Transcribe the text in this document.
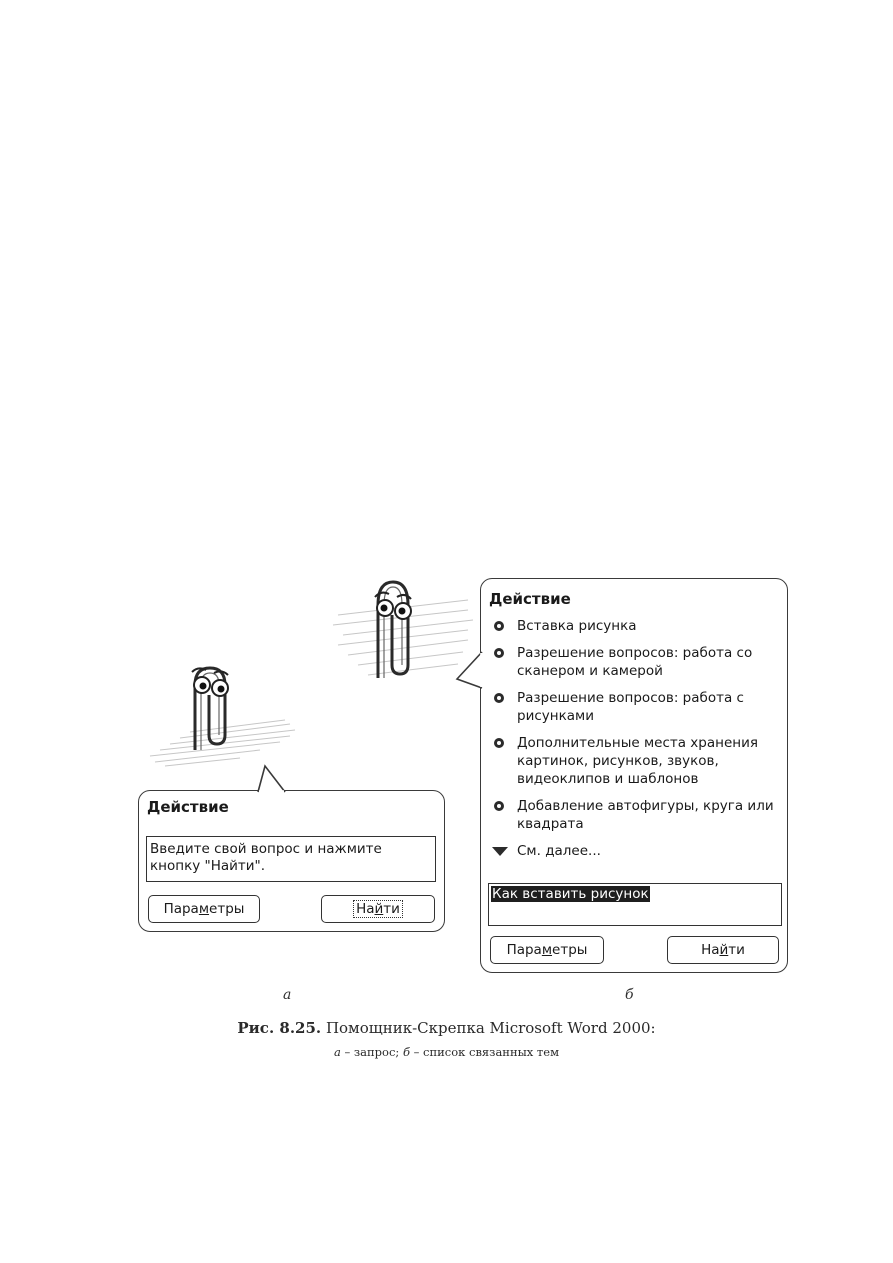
Действие
Введите свой вопрос и нажмите кнопку "Найти".
Пара м етры	Найти
Действие
Вставка рисунка
Разрешение вопросов: работа со сканером и камерой
Разрешение вопросов: работа с рисунками
Дополнительные места хранения картинок, рисунков, звуков, видеоклипов и шаблонов
Добавление автофигуры, круга или квадрата
См. далее...
Как вставить рисунок
Пара м етры	На й ти
а	б
Рис. 8.25. Помощник-Скрепка Microsoft Word 2000:
а – запрос; б – список связанных тем
